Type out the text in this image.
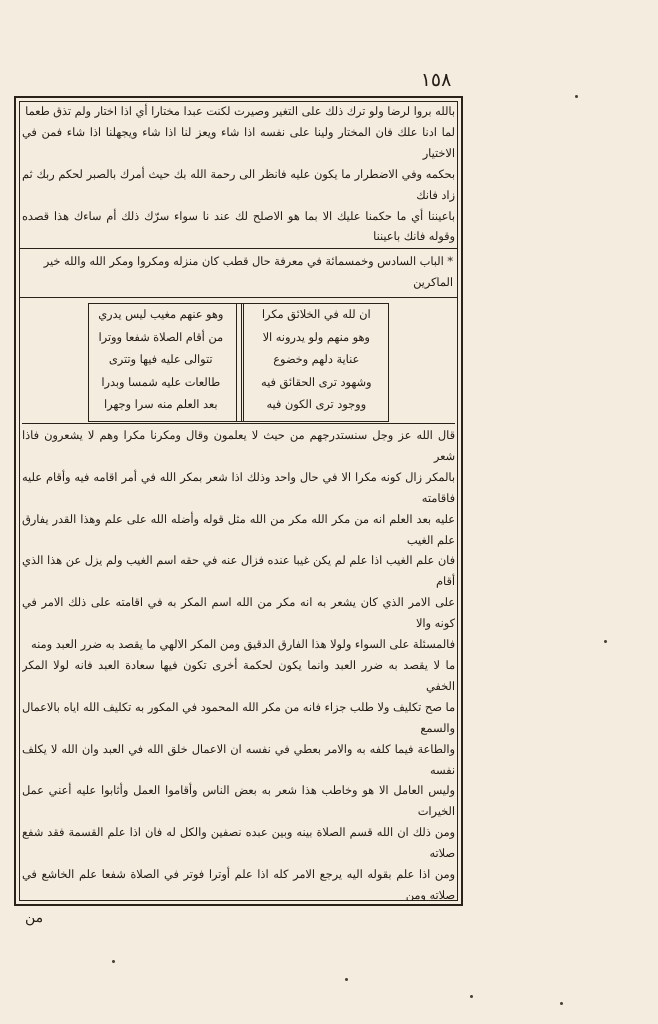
١٥٨

بالله بروا لرضا ولو ترك ذلك على التغير وصيرت لكنت عبدا مختارا أي اذا اختار ولم تذق طعما

لما ادنا علك فان المختار ولينا على نفسه اذا شاء ويعز لنا اذا شاء ويجهلنا اذا شاء فمن في الاختيار

بحكمه وفي الاضطرار ما يكون عليه فانظر الى رحمة الله بك حيث أمرك بالصبر لحكم ربك ثم زاد فانك

باعيننا أي ما حكمنا عليك الا بما هو الاصلح لك عند نا سواء سرّك ذلك أم ساءك هذا قصده وقوله فانك باعيننا

* الباب السادس وخمسمائة في معرفة حال قطب كان منزله ومكروا ومكر الله والله خير الماكرين
ان لله في الخلائق مكرا
وهو منهم ولو يدرونه الا
عناية دلهم وخضوع
وشهود ترى الحقائق فيه
ووجود ترى الكون فيه
وهو عنهم مغيب ليس يدري
من أقام الصلاة شفعا ووترا
تتوالى عليه فيها وتترى
طالعات عليه شمسا وبدرا
بعد العلم منه سرا وجهرا

قال الله عز وجل سنستدرجهم من حيث لا يعلمون وقال ومكرنا مكرا وهم لا يشعرون فاذا شعر

بالمكر زال كونه مكرا الا في حال واحد وذلك اذا شعر بمكر الله في أمر اقامه فيه وأقام عليه فاقامته

عليه بعد العلم انه من مكر الله مكر من الله مثل قوله وأضله الله على علم وهذا القدر يفارق علم الغيب

فان علم الغيب اذا علم لم يكن غيبا عنده فزال عنه في حقه اسم الغيب ولم يزل عن هذا الذي أقام

على الامر الذي كان يشعر به انه مكر من الله اسم المكر به في اقامته على ذلك الامر في كونه والا

فالمسئلة على السواء ولولا هذا الفارق الدقيق ومن المكر الالهي ما يقصد به ضرر العبد ومنه

ما لا يقصد به ضرر العبد وانما يكون لحكمة أخرى تكون فيها سعادة العبد فانه لولا المكر الخفي

ما صح تكليف ولا طلب جزاء فانه من مكر الله المحمود في المكور به تكليف الله اياه بالاعمال والسمع

والطاعة فيما كلفه به والامر بعطي في نفسه ان الاعمال خلق الله في العبد وان الله لا يكلف نفسه

وليس العامل الا هو وخاطب هذا شعر به بعض الناس وأقاموا العمل وأثابوا عليه أعني عمل الخيرات

ومن ذلك ان الله قسم الصلاة بينه وبين عبده نصفين والكل له فان اذا علم القسمة فقد شفع صلاته

ومن اذا علم بقوله اليه يرجع الامر كله اذا علم أوترا فوتر في الصلاة شفعا علم الخاشع في صلاته ومن

من
